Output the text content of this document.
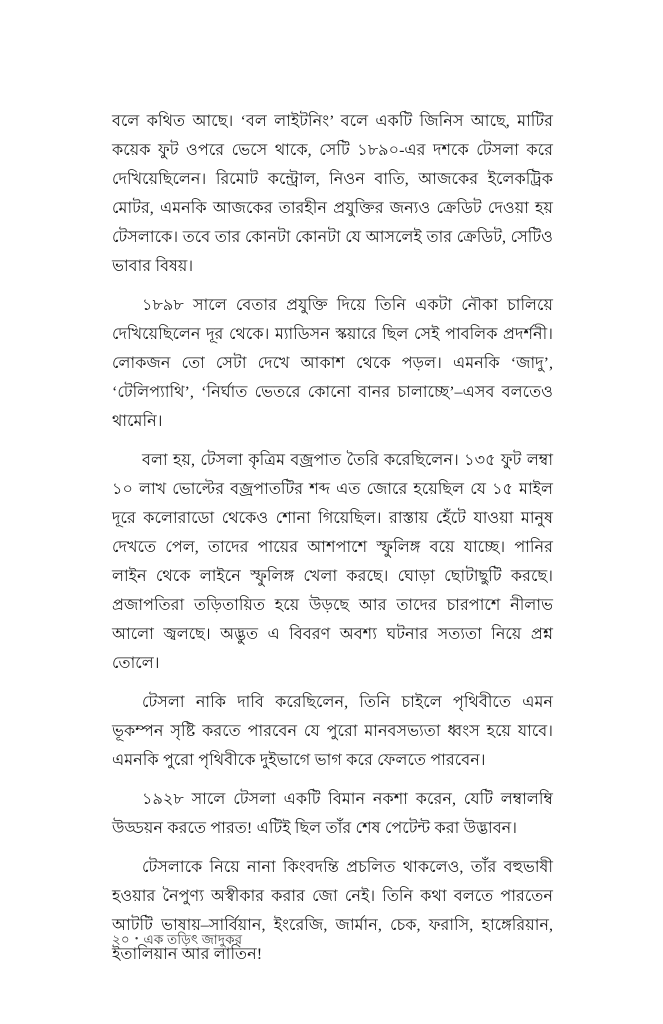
বলে কথিত আছে। ‘বল লাইটনিং’ বলে একটি জিনিস আছে, মাটির কয়েক ফুট ওপরে ভেসে থাকে, সেটি ১৮৯০-এর দশকে টেসলা করে দেখিয়েছিলেন। রিমোট কন্ট্রোল, নিওন বাতি, আজকের ইলেকট্রিক মোটর, এমনকি আজকের তারহীন প্রযুক্তির জন্যও ক্রেডিট দেওয়া হয় টেসলাকে। তবে তার কোনটা কোনটা যে আসলেই তার ক্রেডিট, সেটিও ভাবার বিষয়।

১৮৯৮ সালে বেতার প্রযুক্তি দিয়ে তিনি একটা নৌকা চালিয়ে দেখিয়েছিলেন দূর থেকে। ম্যাডিসন স্কয়ারে ছিল সেই পাবলিক প্রদর্শনী। লোকজন তো সেটা দেখে আকাশ থেকে পড়ল। এমনকি ‘জাদু’, ‘টেলিপ্যাথি’, ‘নির্ঘাত ভেতরে কোনো বানর চালাচ্ছে’–এসব বলতেও থামেনি।

বলা হয়, টেসলা কৃত্রিম বজ্রপাত তৈরি করেছিলেন। ১৩৫ ফুট লম্বা ১০ লাখ ভোল্টের বজ্রপাতটির শব্দ এত জোরে হয়েছিল যে ১৫ মাইল দূরে কলোরাডো থেকেও শোনা গিয়েছিল। রাস্তায় হেঁটে যাওয়া মানুষ দেখতে পেল, তাদের পায়ের আশপাশে স্ফুলিঙ্গ বয়ে যাচ্ছে। পানির লাইন থেকে লাইনে স্ফুলিঙ্গ খেলা করছে। ঘোড়া ছোটাছুটি করছে। প্রজাপতিরা তড়িতায়িত হয়ে উড়ছে আর তাদের চারপাশে নীলাভ আলো জ্বলছে। অদ্ভুত এ বিবরণ অবশ্য ঘটনার সত্যতা নিয়ে প্রশ্ন তোলে।

টেসলা নাকি দাবি করেছিলেন, তিনি চাইলে পৃথিবীতে এমন ভূকম্পন সৃষ্টি করতে পারবেন যে পুরো মানবসভ্যতা ধ্বংস হয়ে যাবে। এমনকি পুরো পৃথিবীকে দুইভাগে ভাগ করে ফেলতে পারবেন।

১৯২৮ সালে টেসলা একটি বিমান নকশা করেন, যেটি লম্বালম্বি উড্ডয়ন করতে পারত! এটিই ছিল তাঁর শেষ পেটেন্ট করা উদ্ভাবন।

টেসলাকে নিয়ে নানা কিংবদন্তি প্রচলিত থাকলেও, তাঁর বহুভাষী হওয়ার নৈপুণ্য অস্বীকার করার জো নেই। তিনি কথা বলতে পারতেন আটটি ভাষায়–সার্বিয়ান, ইংরেজি, জার্মান, চেক, ফরাসি, হাঙ্গেরিয়ান, ইতালিয়ান আর লাতিন!

২০ • এক তড়িৎ জাদুকর
